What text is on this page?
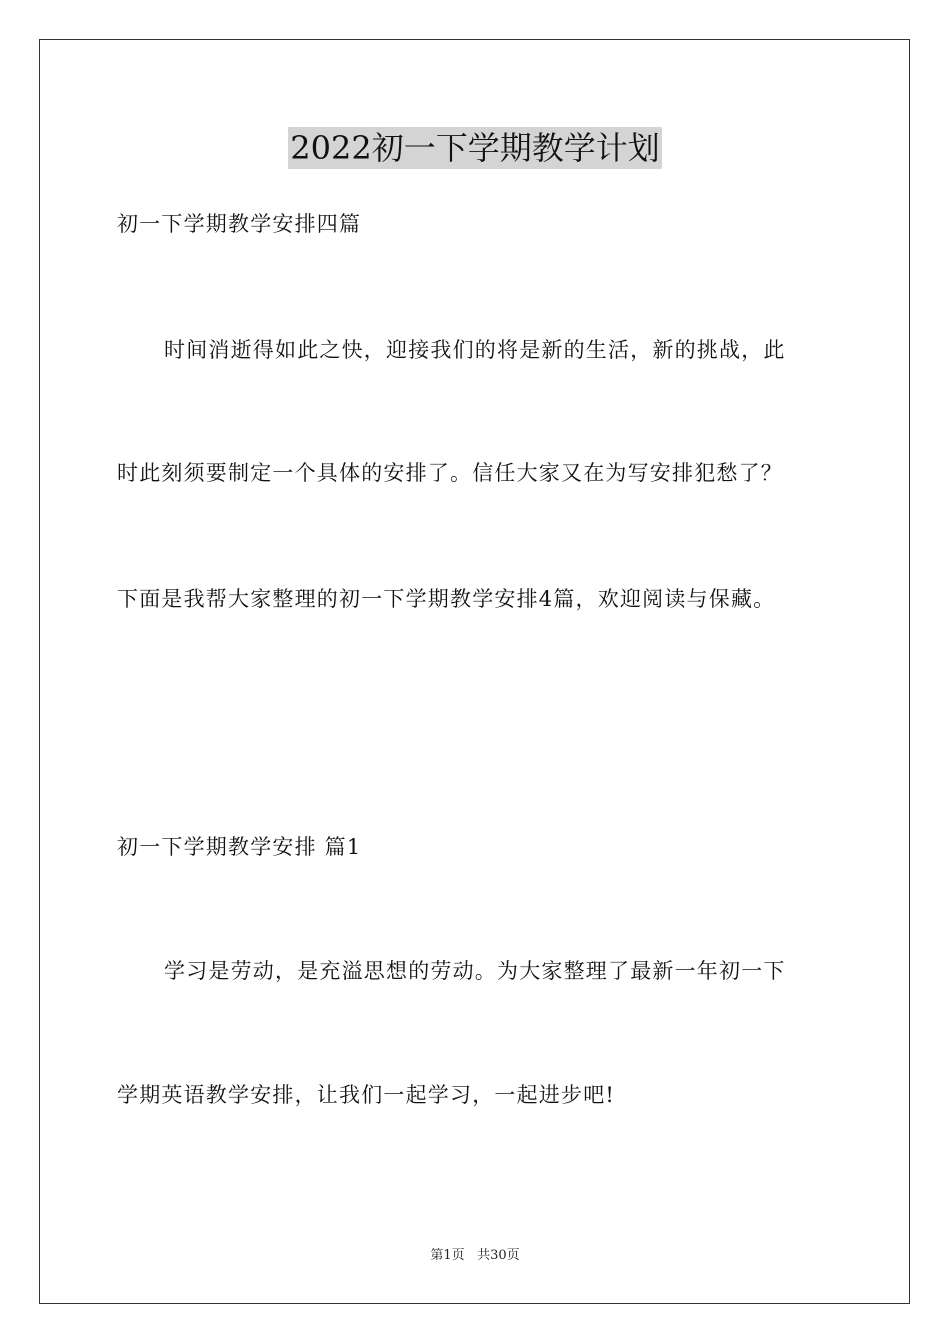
2022初一下学期教学计划
初一下学期教学安排四篇
时间消逝得如此之快，迎接我们的将是新的生活，新的挑战，此
时此刻须要制定一个具体的安排了。信任大家又在为写安排犯愁了？
下面是我帮大家整理的初一下学期教学安排4篇，欢迎阅读与保藏。
初一下学期教学安排 篇1
学习是劳动，是充溢思想的劳动。为大家整理了最新一年初一下
学期英语教学安排，让我们一起学习，一起进步吧!
第1页 共30页
